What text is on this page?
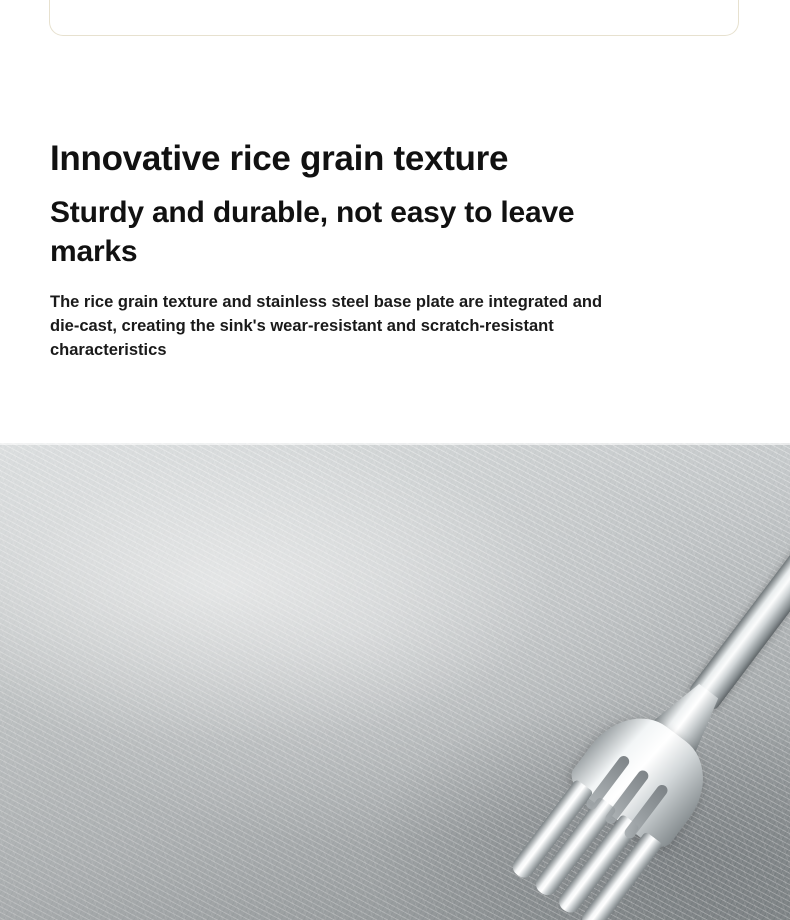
Innovative rice grain texture
Sturdy and durable, not easy to leave marks

The rice grain texture and stainless steel base plate are integrated and die-cast, creating the sink's wear-resistant and scratch-resistant characteristics
